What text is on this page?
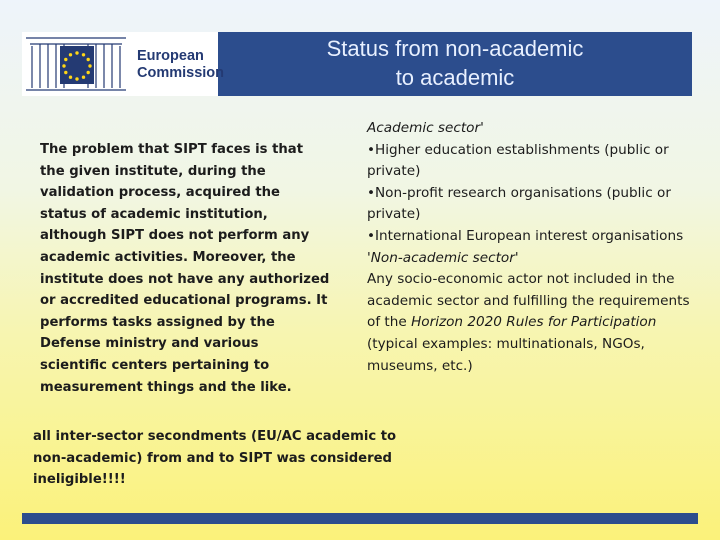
European
Commission
Status from non-academic
to academic
The problem that SIPT faces is that the given institute, during the validation process, acquired the status of academic institution, although SIPT does not perform any academic activities. Moreover, the institute does not have any authorized or accredited educational programs. It performs tasks assigned by the Defense ministry and various scientific centers pertaining to measurement things and the like.
Academic sector'
•Higher education establishments (public or private)
•Non-profit research organisations (public or private)
•International European interest organisations
'Non-academic sector'
Any socio-economic actor not included in the academic sector and fulfilling the requirements of the Horizon 2020 Rules for Participation (typical examples: multinationals, NGOs, museums, etc.)
all inter-sector secondments (EU/AC academic to non-academic) from and to SIPT was considered ineligible!!!!
